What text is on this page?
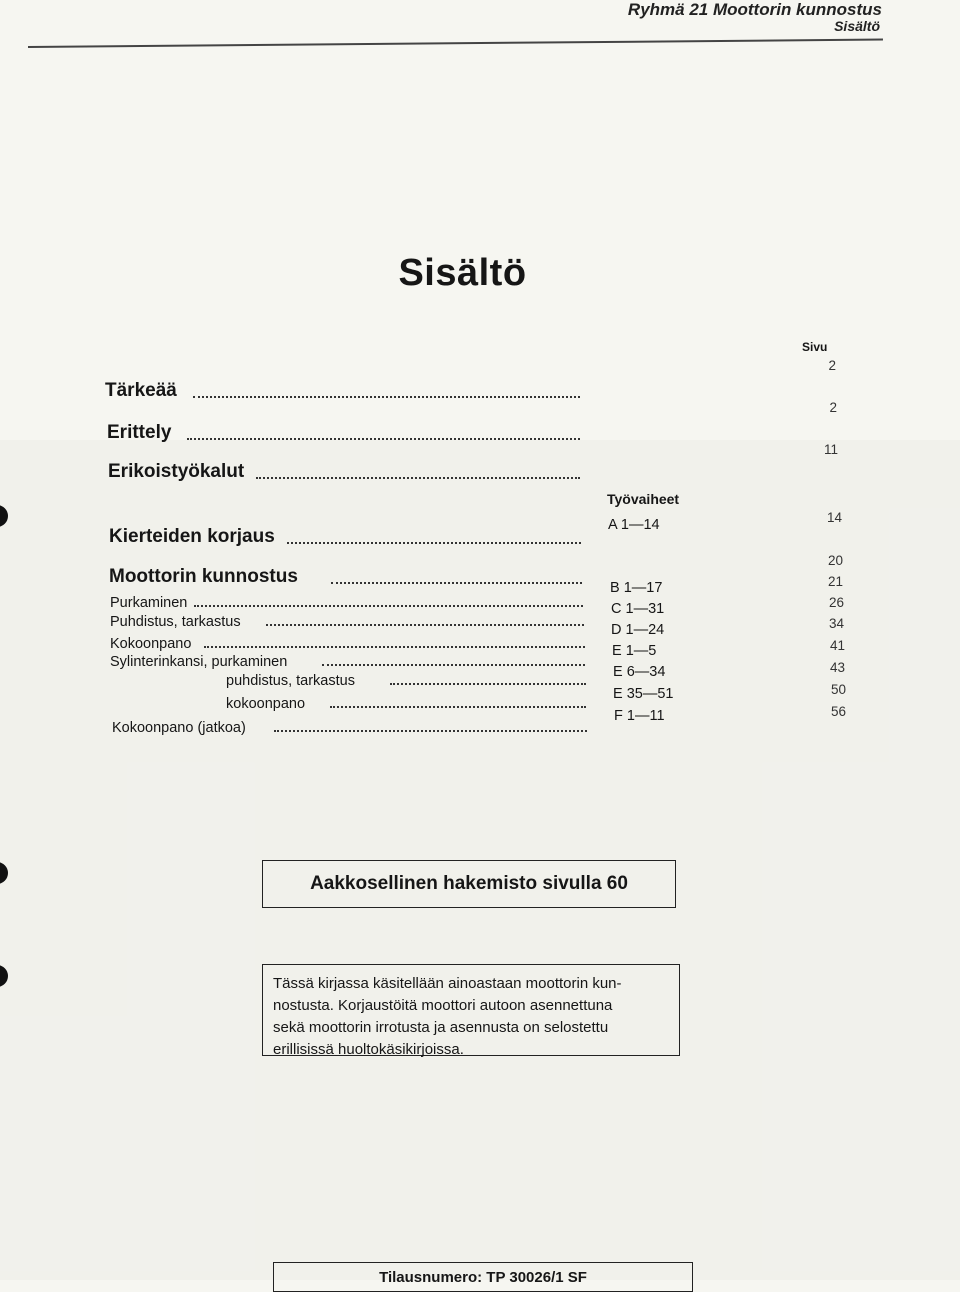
Ryhmä 21 Moottorin kunnostus
Sisältö
Sisältö
Sivu
Työvaiheet
Tärkeää
Erittely
Erikoistyökalut
Kierteiden korjaus
Moottorin kunnostus
Purkaminen
Puhdistus, tarkastus
Kokoonpano
Sylinterinkansi, purkaminen
puhdistus, tarkastus
kokoonpano
Kokoonpano (jatkoa)
A 1—14
B 1—17
C 1—31
D 1—24
E 1—5
E 6—34
E 35—51
F 1—11
2
2
11
14
20
21
26
34
41
43
50
56
Aakkosellinen hakemisto sivulla 60
Tässä kirjassa käsitellään ainoastaan moottorin kun-
nostusta. Korjaustöitä moottori autoon asennettuna
sekä moottorin irrotusta ja asennusta on selostettu
erillisissä huoltokäsikirjoissa.
Tilausnumero: TP 30026/1 SF
